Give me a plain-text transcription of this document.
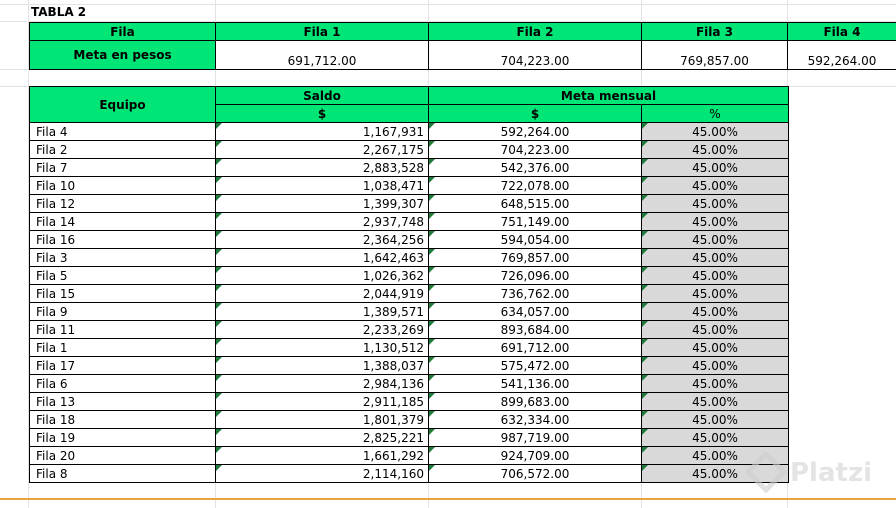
TABLA 2
Fila	Fila 1	Fila 2	Fila 3	Fila 4
Meta en pesos	691,712.00	704,223.00	769,857.00	592,264.00
Equipo	Saldo	Meta mensual	
	$	$	%
Fila 4	1,167,931	592,264.00	45.00%
Fila 2	2,267,175	704,223.00	45.00%
Fila 7	2,883,528	542,376.00	45.00%
Fila 10	1,038,471	722,078.00	45.00%
Fila 12	1,399,307	648,515.00	45.00%
Fila 14	2,937,748	751,149.00	45.00%
Fila 16	2,364,256	594,054.00	45.00%
Fila 3	1,642,463	769,857.00	45.00%
Fila 5	1,026,362	726,096.00	45.00%
Fila 15	2,044,919	736,762.00	45.00%
Fila 9	1,389,571	634,057.00	45.00%
Fila 11	2,233,269	893,684.00	45.00%
Fila 1	1,130,512	691,712.00	45.00%
Fila 17	1,388,037	575,472.00	45.00%
Fila 6	2,984,136	541,136.00	45.00%
Fila 13	2,911,185	899,683.00	45.00%
Fila 18	1,801,379	632,334.00	45.00%
Fila 19	2,825,221	987,719.00	45.00%
Fila 20	1,661,292	924,709.00	45.00%
Fila 8	2,114,160	706,572.00	45.00% Platzi
